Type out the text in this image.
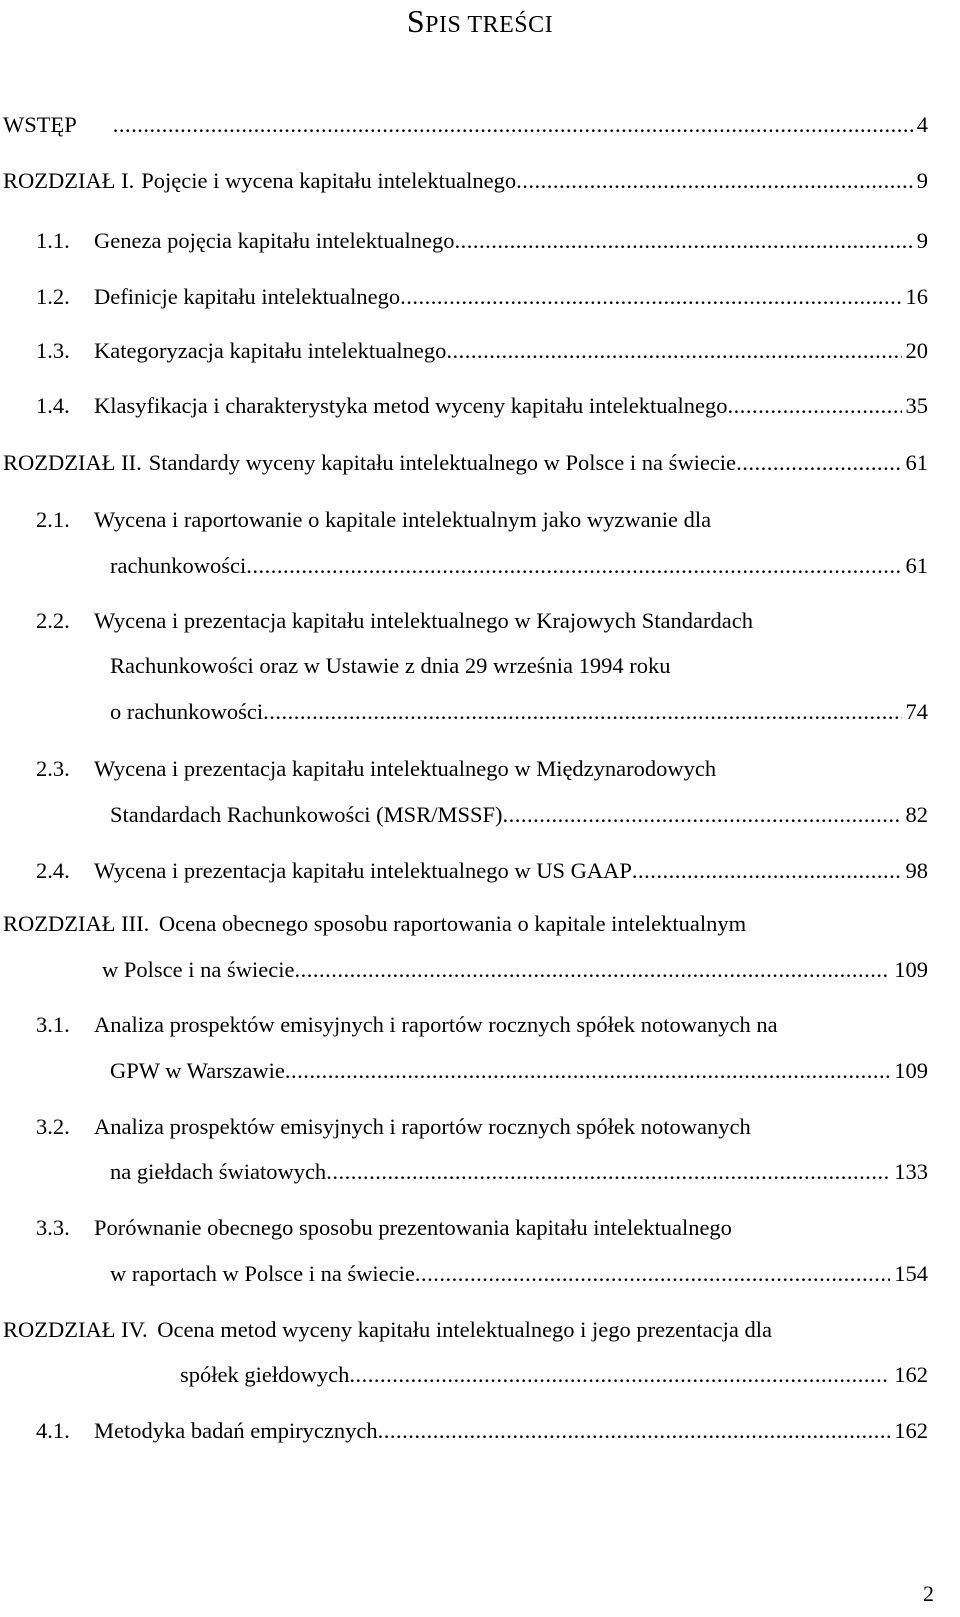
SPIS TREŚCI
WSTĘP .....	4
ROZDZIAŁ I. Pojęcie i wycena kapitału intelektualnego .....	9
1.1. Geneza pojęcia kapitału intelektualnego .....	9
1.2. Definicje kapitału intelektualnego .....	16
1.3. Kategoryzacja kapitału intelektualnego .....	20
1.4. Klasyfikacja i charakterystyka metod wyceny kapitału intelektualnego .....	35
ROZDZIAŁ II. Standardy wyceny kapitału intelektualnego w Polsce i na świecie .....	61
2.1. Wycena i raportowanie o kapitale intelektualnym jako wyzwanie dla
rachunkowości .....	61
2.2. Wycena i prezentacja kapitału intelektualnego w Krajowych Standardach
Rachunkowości oraz w Ustawie z dnia 29 września 1994 roku
o rachunkowości .....	74
2.3. Wycena i prezentacja kapitału intelektualnego w Międzynarodowych
Standardach Rachunkowości (MSR/MSSF) .....	82
2.4. Wycena i prezentacja kapitału intelektualnego w US GAAP .....	98
ROZDZIAŁ III. Ocena obecnego sposobu raportowania o kapitale intelektualnym
w Polsce i na świecie .....	109
3.1. Analiza prospektów emisyjnych i raportów rocznych spółek notowanych na
GPW w Warszawie .....	109
3.2. Analiza prospektów emisyjnych i raportów rocznych spółek notowanych
na giełdach światowych .....	133
3.3. Porównanie obecnego sposobu prezentowania kapitału intelektualnego
w raportach w Polsce i na świecie .....	154
ROZDZIAŁ IV. Ocena metod wyceny kapitału intelektualnego i jego prezentacja dla
spółek giełdowych .....	162
4.1. Metodyka badań empirycznych .....	162
2
